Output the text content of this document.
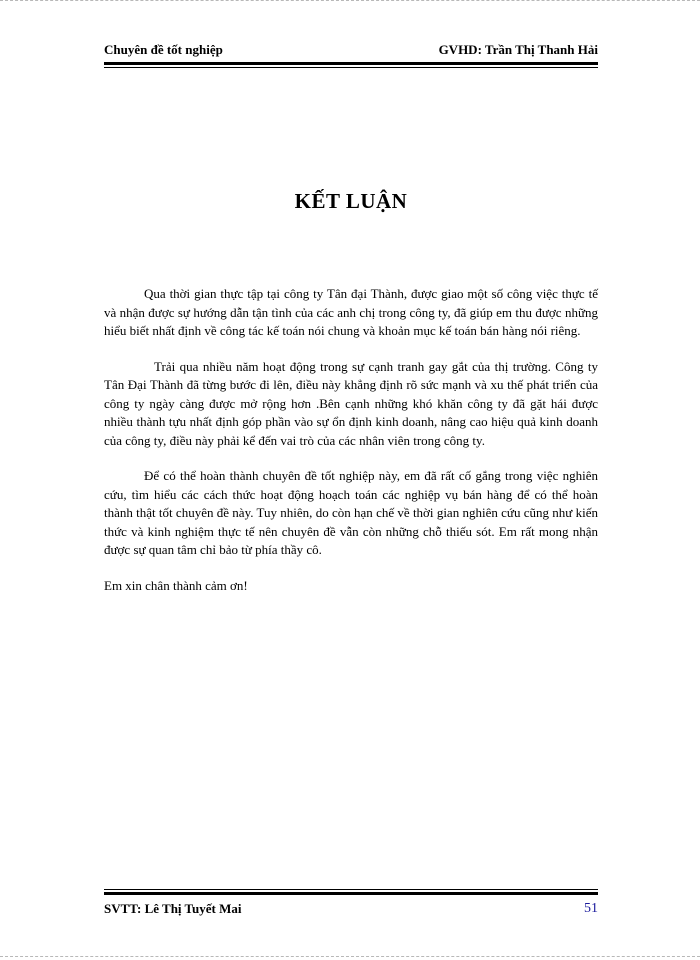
Chuyên đề tốt nghiệp	GVHD: Trần Thị Thanh Hải
KẾT LUẬN

Qua thời gian thực tập tại công ty Tân đại Thành, được giao một số công việc thực tế và nhận được sự hướng dẫn tận tình của các anh chị trong công ty, đã giúp em thu được những hiểu biết nhất định về công tác kế toán nói chung và khoản mục kế toán bán hàng nói riêng.

Trải qua nhiều năm hoạt động trong sự cạnh tranh gay gắt của thị trường. Công ty Tân Đại Thành đã từng bước đi lên, điều này khẳng định rõ sức mạnh và xu thế phát triển của công ty ngày càng được mở rộng hơn .Bên cạnh những khó khăn công ty đã gặt hái được nhiều thành tựu nhất định góp phần vào sự ổn định kinh doanh, nâng cao hiệu quả kinh doanh của công ty, điều này phải kể đến vai trò của các nhân viên trong công ty.

Để có thể hoàn thành chuyên đề tốt nghiệp này, em đã rất cố gắng trong việc nghiên cứu, tìm hiểu các cách thức hoạt động hoạch toán các nghiệp vụ bán hàng để có thể hoàn thành thật tốt chuyên đề này. Tuy nhiên, do còn hạn chế về thời gian nghiên cứu cũng như kiến thức và kinh nghiệm thực tế nên chuyên đề vẫn còn những chỗ thiếu sót. Em rất mong nhận được sự quan tâm chỉ bảo từ phía thầy cô.

Em xin chân thành cảm ơn!

SVTT: Lê Thị Tuyết Mai	51
